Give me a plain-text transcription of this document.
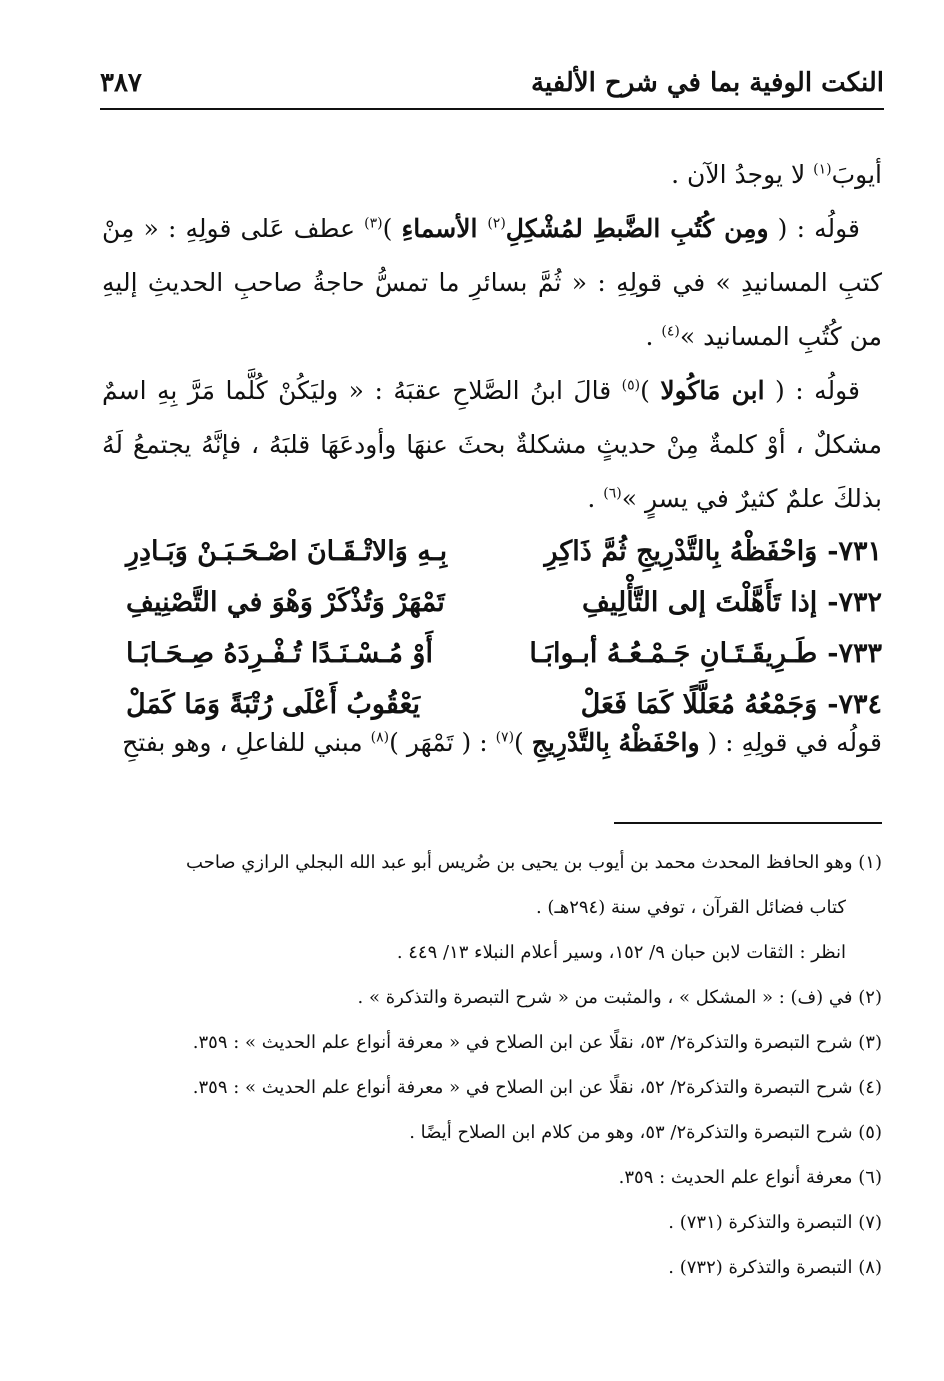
النكت الوفية بما في شرح الألفية
٣٨٧

أيوبَ$^{(١)}$ لا يوجدُ الآن .

قولُه : ( ومِن كُتُبِ الضَّبطِ لمُشْكِلِ$^{(٢)}$ الأسماءِ )$^{(٣)}$ عطف عَلى قولِهِ : « مِنْ كتبِ المسانيدِ » في قولِهِ : « ثُمَّ بسائرِ ما تمسُّ حاجةُ صاحبِ الحديثِ إليهِ من كُتُبِ المسانيد »$^{(٤)}$ .

قولُه : ( ابن مَاكُولا )$^{(٥)}$ قالَ ابنُ الصَّلاحِ عقبَهُ : « وليَكُنْ كُلَّما مَرَّ بِهِ اسمٌ مشكلٌ ، أوْ كلمةٌ مِنْ حديثٍ مشكلةٌ بحثَ عنهَا وأودعَهَا قلبَهُ ، فإنَّهُ يجتمعُ لَهُ بذلكَ علمٌ كثيرٌ في يسرٍ »$^{(٦)}$ .

٧٣١-وَاحْفَظْهُ بِالتَّدْرِيجِ ثُمَّ ذَاكِرِ
بِـهِ وَالاتْـقَـانَ اصْـحَـبَـنْ وَبَـادِرِ
٧٣٢-إذا تَأَهَّلْتَ إلى التَّأْلِيفِ
تَمْهَرْ وَتُذْكَرْ وَهْوَ في التَّصْنِيفِ
٧٣٣-طَـرِيقَـتَـانِ جَـمْـعُـهُ أبـوابَـا
أَوْ مُـسْـنَـدًا تُـفْـرِدَهُ صِـحَـابَـا
٧٣٤-وَجَمْعُهُ مُعَلَّلًا كَمَا فَعَلْ
يَعْقُوبُ أَعْلَى رُتْبَةً وَمَا كَمَلْ
قولُه في قولِهِ : ( واحْفَظْهُ بِالتَّدْرِيجِ )$^{(٧)}$ : ( تَمْهَر )$^{(٨)}$ مبني للفاعلِ ، وهو بفتحِ
(١) وهو الحافظ المحدث محمد بن أيوب بن يحيى بن ضُريس أبو عبد الله البجلي الرازي صاحب
كتاب فضائل القرآن ، توفي سنة (٢٩٤هـ) .
انظر : الثقات لابن حبان ٩/ ١٥٢، وسير أعلام النبلاء ١٣/ ٤٤٩ .
(٢) في (ف) : « المشكل » ، والمثبت من « شرح التبصرة والتذكرة » .
(٣) شرح التبصرة والتذكرة٢/ ٥٣، نقلًا عن ابن الصلاح في « معرفة أنواع علم الحديث » : ٣٥٩.
(٤) شرح التبصرة والتذكرة٢/ ٥٢، نقلًا عن ابن الصلاح في « معرفة أنواع علم الحديث » : ٣٥٩.
(٥) شرح التبصرة والتذكرة٢/ ٥٣، وهو من كلام ابن الصلاح أيضًا .
(٦) معرفة أنواع علم الحديث : ٣٥٩.
(٧) التبصرة والتذكرة (٧٣١) .
(٨) التبصرة والتذكرة (٧٣٢) .
